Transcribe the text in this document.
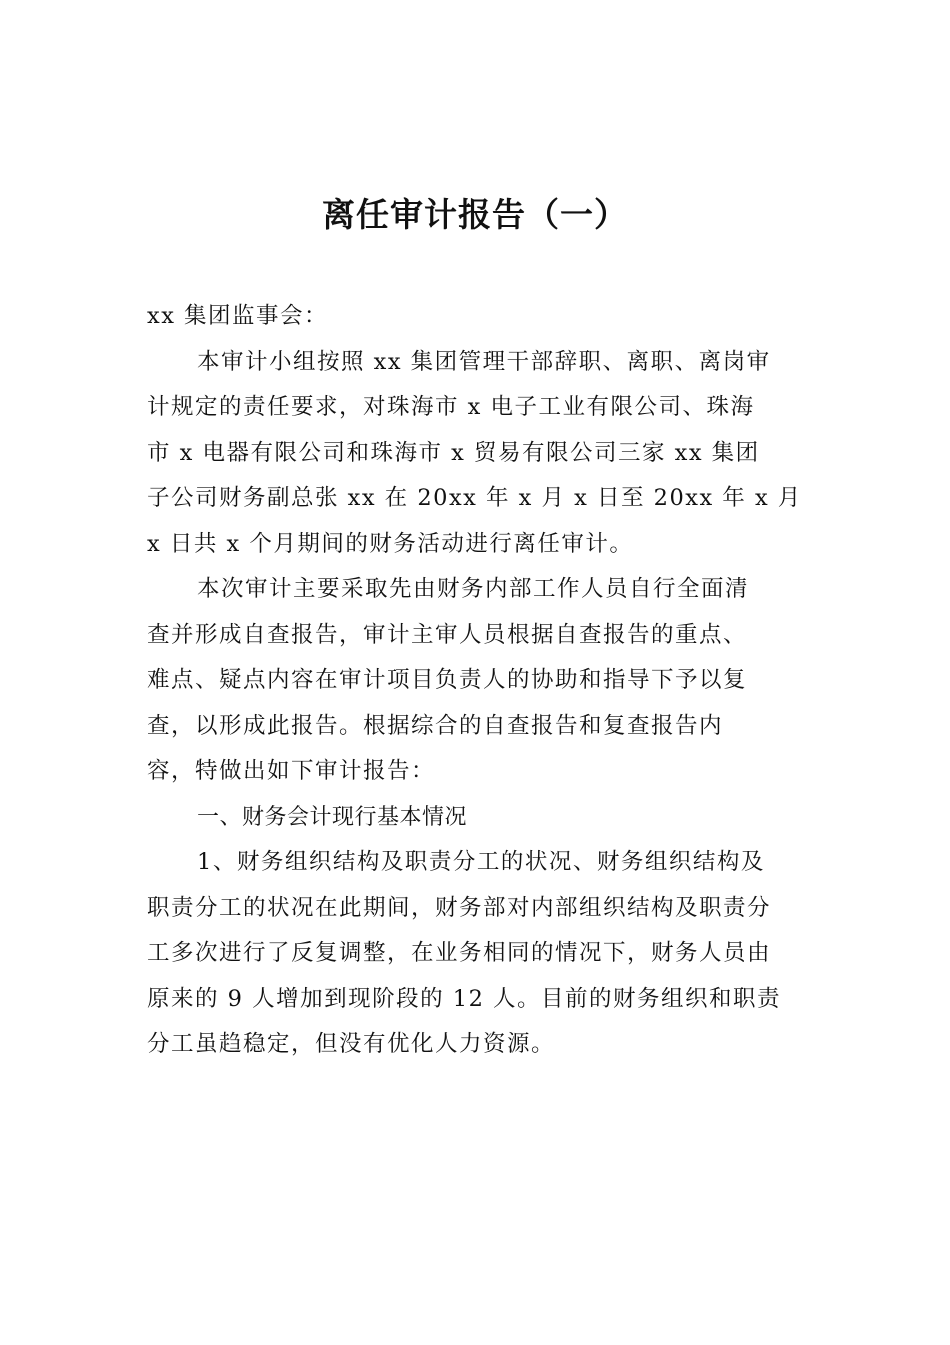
离任审计报告（一）
xx 集团监事会：
本审计小组按照 xx 集团管理干部辞职、离职、离岗审
计规定的责任要求，对珠海市 x 电子工业有限公司、珠海
市 x 电器有限公司和珠海市 x 贸易有限公司三家 xx 集团
子公司财务副总张 xx 在 20xx 年 x 月 x 日至 20xx 年 x 月
x 日共 x 个月期间的财务活动进行离任审计。
本次审计主要采取先由财务内部工作人员自行全面清
查并形成自查报告，审计主审人员根据自查报告的重点、
难点、疑点内容在审计项目负责人的协助和指导下予以复
查，以形成此报告。根据综合的自查报告和复查报告内
容，特做出如下审计报告：
一、财务会计现行基本情况
1、财务组织结构及职责分工的状况、财务组织结构及
职责分工的状况在此期间，财务部对内部组织结构及职责分
工多次进行了反复调整，在业务相同的情况下，财务人员由
原来的 9 人增加到现阶段的 12 人。目前的财务组织和职责
分工虽趋稳定，但没有优化人力资源。
